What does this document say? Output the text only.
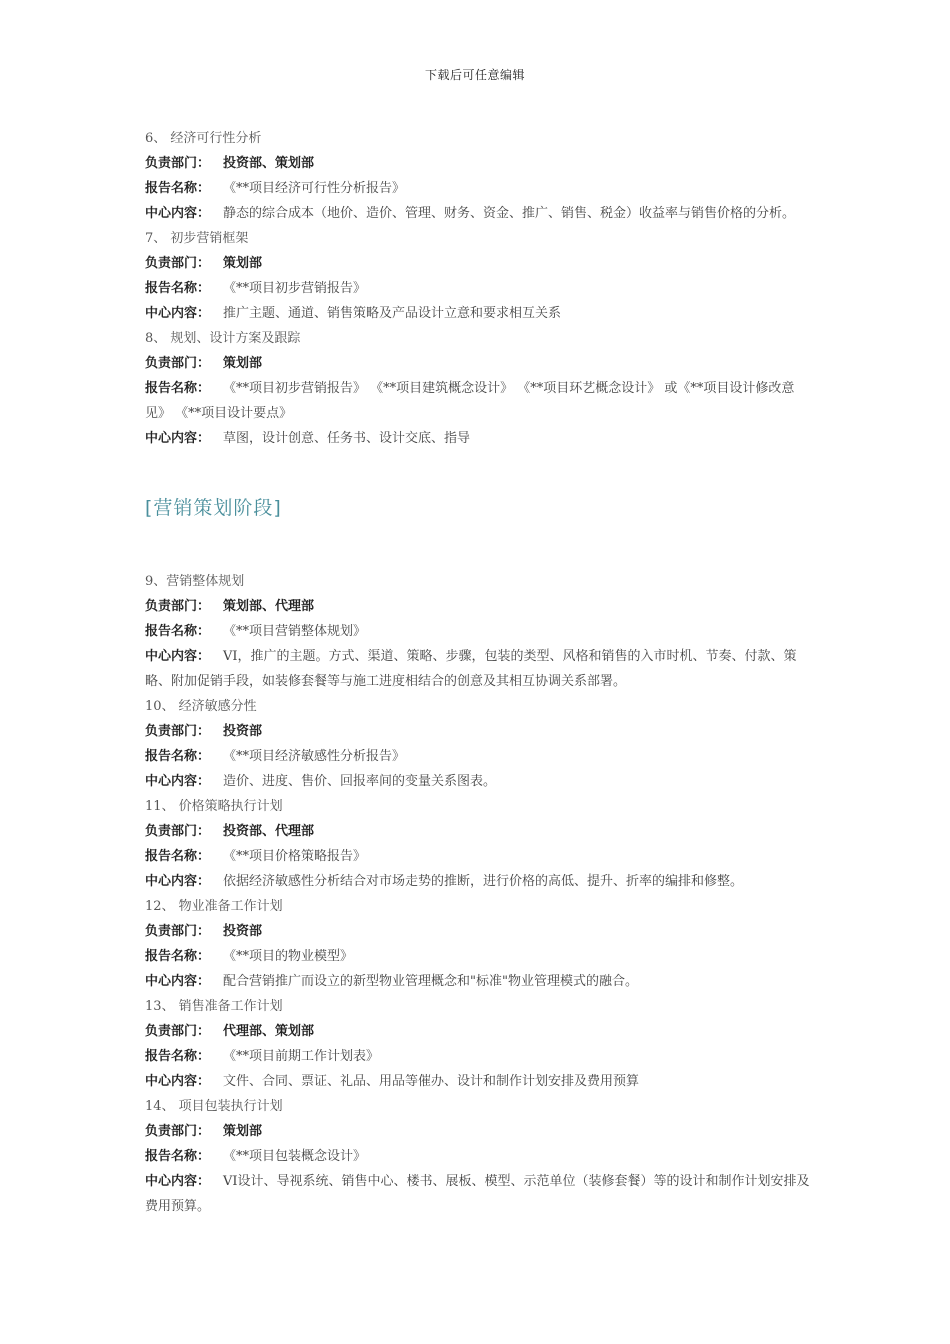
下载后可任意编辑
6、 经济可行性分析
负责部门： 投资部、策划部
报告名称： 《**项目经济可行性分析报告》
中心内容： 静态的综合成本（地价、造价、管理、财务、资金、推广、销售、税金）收益率与销售价格的分析。
7、 初步营销框架
负责部门： 策划部
报告名称： 《**项目初步营销报告》
中心内容： 推广主题、通道、销售策略及产品设计立意和要求相互关系
8、 规划、设计方案及跟踪
负责部门： 策划部
报告名称： 《**项目初步营销报告》 《**项目建筑概念设计》 《**项目环艺概念设计》 或《**项目设计修改意见》 《**项目设计要点》
中心内容： 草图，设计创意、任务书、设计交底、指导
[营销策划阶段]
9、营销整体规划
负责部门： 策划部、代理部
报告名称： 《**项目营销整体规划》
中心内容： VI，推广的主题。方式、渠道、策略、步骤，包装的类型、风格和销售的入市时机、节奏、付款、策略、附加促销手段，如装修套餐等与施工进度相结合的创意及其相互协调关系部署。
10、 经济敏感分性
负责部门： 投资部
报告名称： 《**项目经济敏感性分析报告》
中心内容： 造价、进度、售价、回报率间的变量关系图表。
11、 价格策略执行计划
负责部门： 投资部、代理部
报告名称： 《**项目价格策略报告》
中心内容： 依据经济敏感性分析结合对市场走势的推断，进行价格的高低、提升、折率的编排和修整。
12、 物业准备工作计划
负责部门： 投资部
报告名称： 《**项目的物业模型》
中心内容： 配合营销推广而设立的新型物业管理概念和"标准"物业管理模式的融合。
13、 销售准备工作计划
负责部门： 代理部、策划部
报告名称： 《**项目前期工作计划表》
中心内容： 文件、合同、票证、礼品、用品等催办、设计和制作计划安排及费用预算
14、 项目包装执行计划
负责部门： 策划部
报告名称： 《**项目包装概念设计》
中心内容： VI设计、导视系统、销售中心、楼书、展板、模型、示范单位（装修套餐）等的设计和制作计划安排及费用预算。
